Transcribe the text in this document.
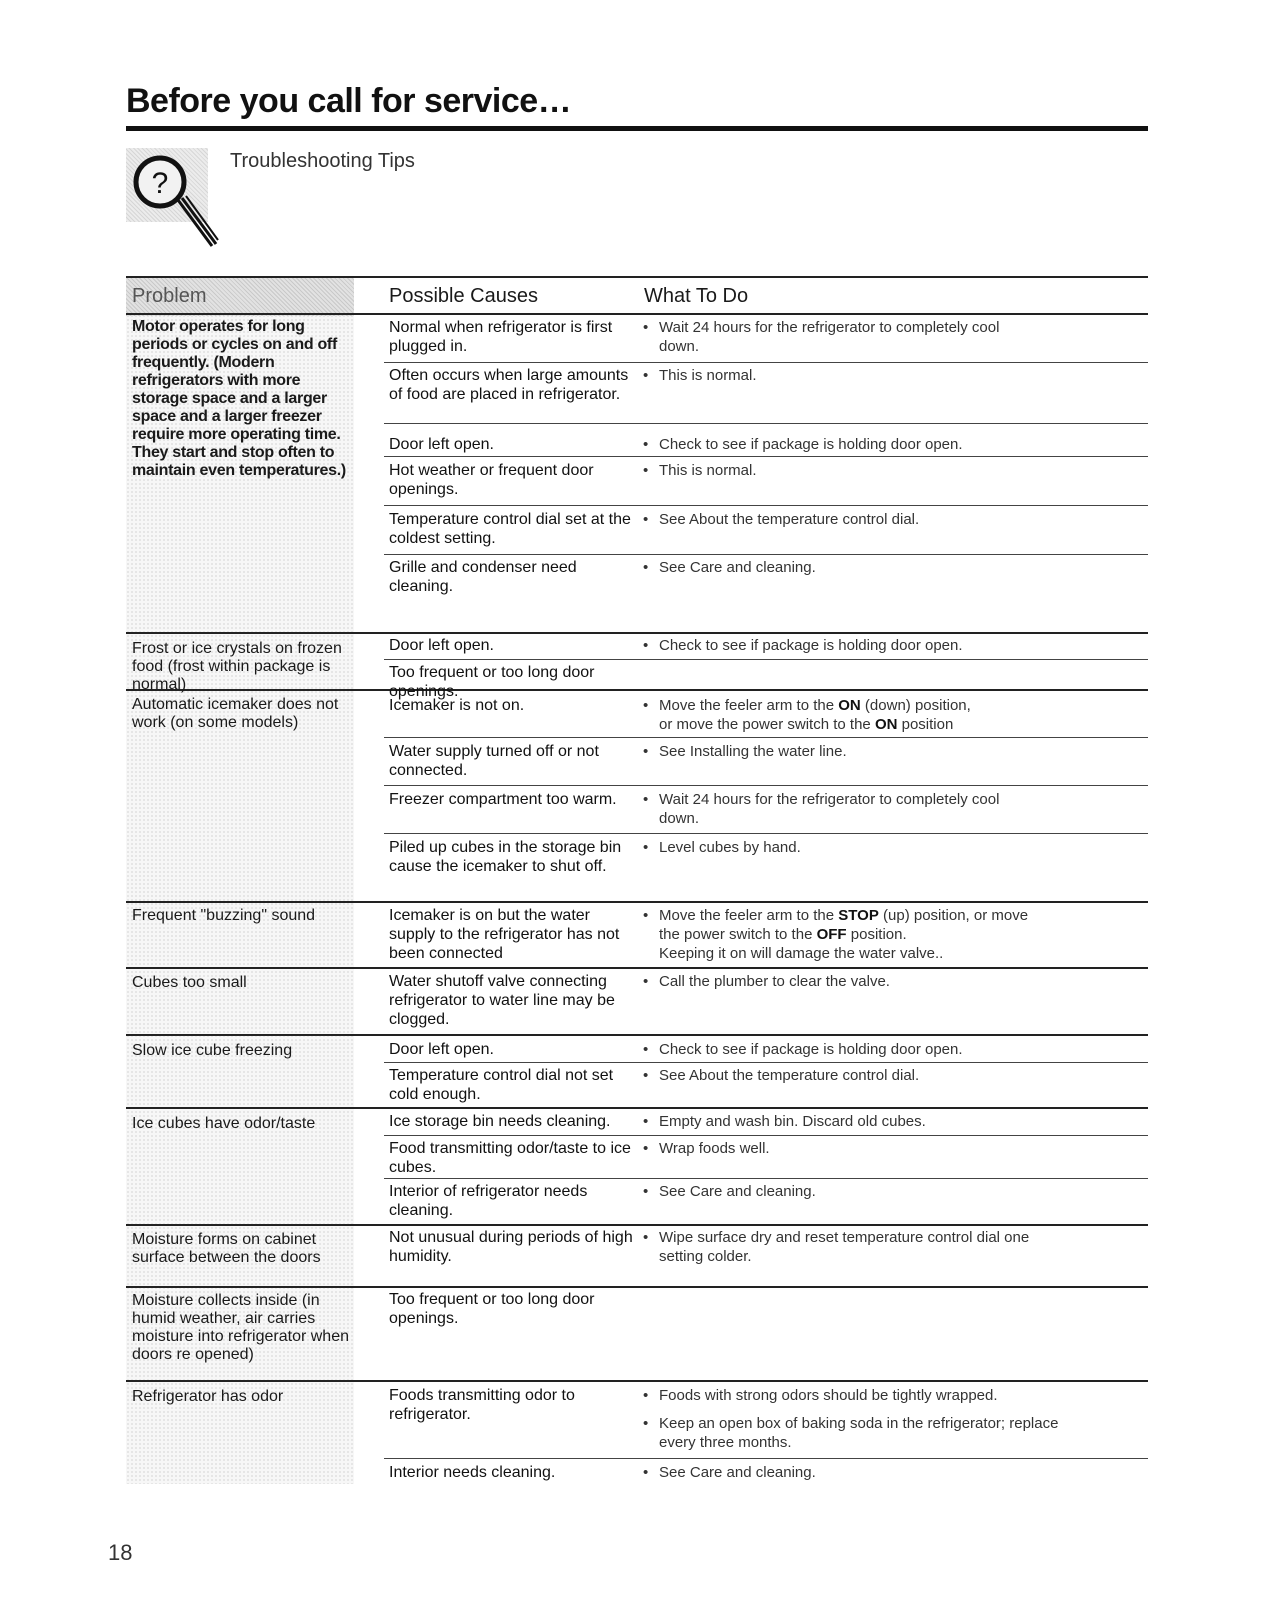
Before you call for service…
?
Troubleshooting Tips
Problem	Possible Causes	What To Do
Motor operates for long periods or cycles on and off frequently. (Modern refrigerators with more storage space and a larger space and a larger freezer require more operating time. They start and stop often to maintain even temperatures.)
Frost or ice crystals on frozen food (frost within package is normal)
Automatic icemaker does not work (on some models)
Frequent "buzzing" sound
Cubes too small
Slow ice cube freezing
Ice cubes have odor/taste
Moisture forms on cabinet surface between the doors
Moisture collects inside (in humid weather, air carries moisture into refrigerator when doors re opened)
Refrigerator has odor
Normal when refrigerator is first plugged in.
Often occurs when large amounts of food are placed in refrigerator.
Door left open.
Hot weather or frequent door openings.
Temperature control dial set at the coldest setting.
Grille and condenser need cleaning.
Door left open.
Too frequent or too long door openings.
Icemaker is not on.
Water supply turned off or not connected.
Freezer compartment too warm.
Piled up cubes in the storage bin cause the icemaker to shut off.
Icemaker is on but the water supply to the refrigerator has not been connected
Water shutoff valve connecting refrigerator to water line may be clogged.
Door left open.
Temperature control dial not set cold enough.
Ice storage bin needs cleaning.
Food transmitting odor/taste to ice cubes.
Interior of refrigerator needs cleaning.
Not unusual during periods of high humidity.
Too frequent or too long door openings.
Foods transmitting odor to refrigerator.
Interior needs cleaning.
• Wait 24 hours for the refrigerator to completely cool down.
• This is normal.
• Check to see if package is holding door open.
• This is normal.
• See About the temperature control dial.
• See Care and cleaning.
• Check to see if package is holding door open.
• Move the feeler arm to the ON (down) position,
or move the power switch to the ON position
• See Installing the water line.
• Wait 24 hours for the refrigerator to completely cool down.
• Level cubes by hand.
• Move the feeler arm to the STOP (up) position, or move
the power switch to the OFF position.
Keeping it on will damage the water valve..
• Call the plumber to clear the valve.
• Check to see if package is holding door open.
• See About the temperature control dial.
• Empty and wash bin. Discard old cubes.
• Wrap foods well.
• See Care and cleaning.
• Wipe surface dry and reset temperature control dial one setting colder.
• Foods with strong odors should be tightly wrapped.
• Keep an open box of baking soda in the refrigerator; replace every three months.
• See Care and cleaning.
18
